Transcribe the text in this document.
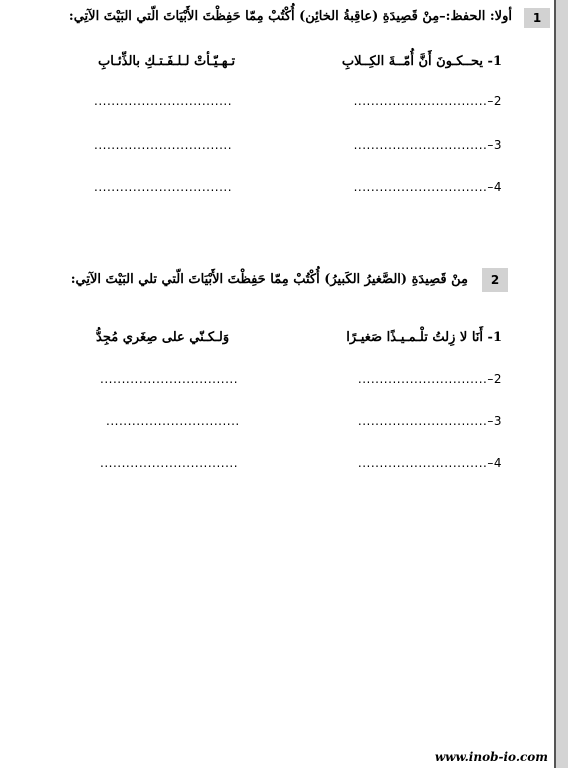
1
أولا: الحفظ:–مِنْ قَصِيدَةِ (عاقِبةُ الخائِن) أُكْتُبْ مِمّا حَفِظْتَ الأَبْيَاتَ الّتي البَيْتَ الآتِي:
1- يحــكـونَ أَنَّ أُمّــةَ الكِــلابِ
تـهـيّـأتْ لـلـفَـتـكِ بالذِّئـابِ
2–...............................
................................
3–...............................
................................
4–...............................
................................
2
مِنْ قَصِيدَةِ (الصَّغيرُ الكَبيرُ) أُكْتُبْ مِمّا حَفِظْتَ الأَبْيَاتَ الّتي تلي البَيْتَ الآتِي:
1- أَنَا لا زِلتُ تلْـمـيـذًا صَغيـرًا
وَلـكـنّي على صِغَري مُجِدُّ
2–..............................
................................
3–..............................
...............................​
4–..............................
................................
www.inob-io.com
